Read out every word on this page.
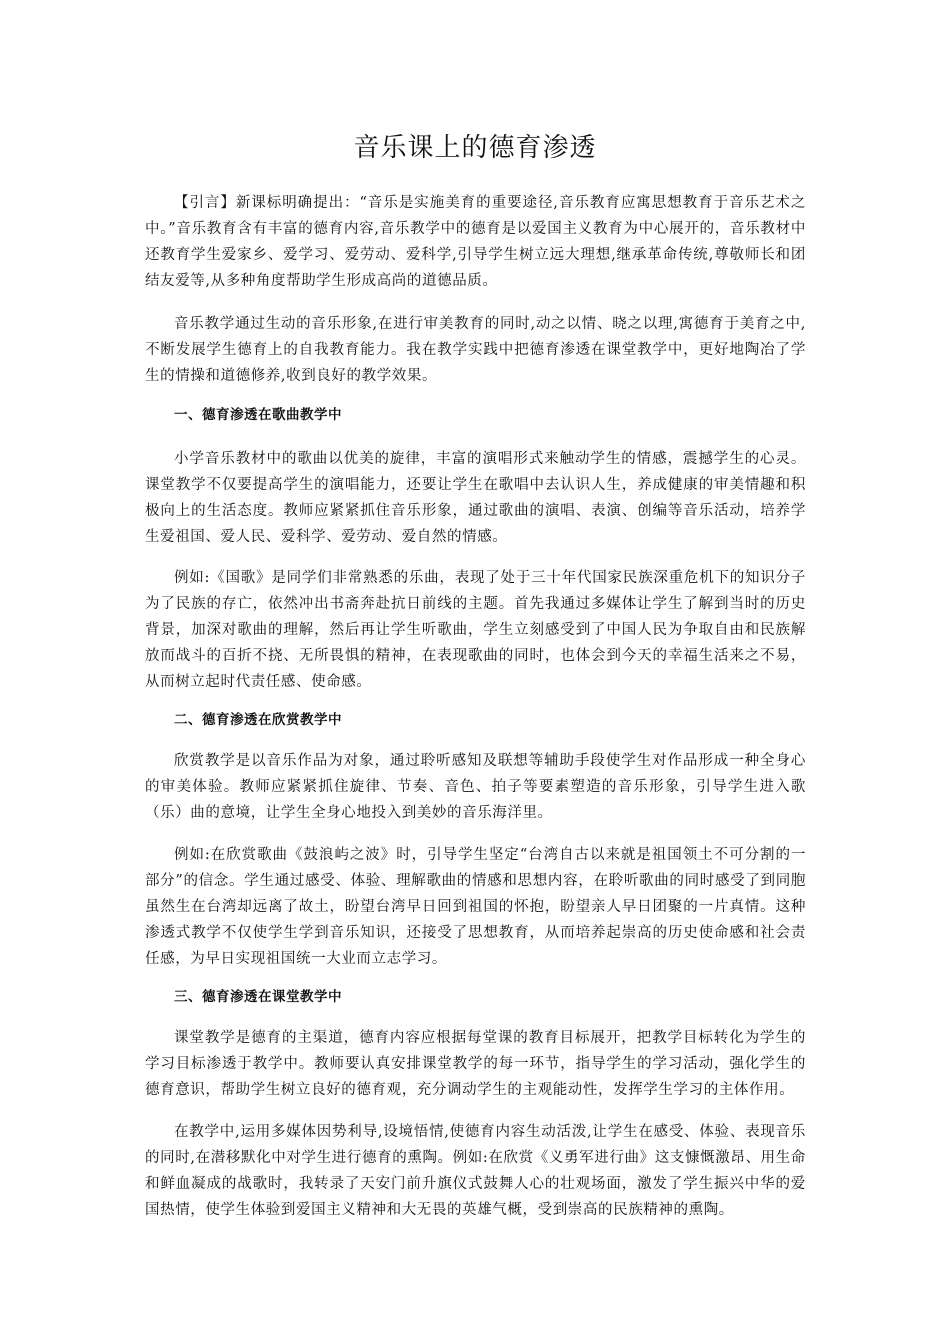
音乐课上的德育渗透

【引言】新课标明确提出：“音乐是实施美育的重要途径,音乐教育应寓思想教育于音乐艺术之中。”音乐教育含有丰富的德育内容,音乐教学中的德育是以爱国主义教育为中心展开的，音乐教材中还教育学生爱家乡、爱学习、爱劳动、爱科学,引导学生树立远大理想,继承革命传统,尊敬师长和团结友爱等,从多种角度帮助学生形成高尚的道德品质。

音乐教学通过生动的音乐形象,在进行审美教育的同时,动之以情、晓之以理,寓德育于美育之中,不断发展学生德育上的自我教育能力。我在教学实践中把德育渗透在课堂教学中，更好地陶冶了学生的情操和道德修养,收到良好的教学效果。

一、德育渗透在歌曲教学中

小学音乐教材中的歌曲以优美的旋律，丰富的演唱形式来触动学生的情感，震撼学生的心灵。课堂教学不仅要提高学生的演唱能力，还要让学生在歌唱中去认识人生，养成健康的审美情趣和积极向上的生活态度。教师应紧紧抓住音乐形象，通过歌曲的演唱、表演、创编等音乐活动，培养学生爱祖国、爱人民、爱科学、爱劳动、爱自然的情感。

例如:《国歌》是同学们非常熟悉的乐曲，表现了处于三十年代国家民族深重危机下的知识分子为了民族的存亡，依然冲出书斋奔赴抗日前线的主题。首先我通过多媒体让学生了解到当时的历史背景，加深对歌曲的理解，然后再让学生听歌曲，学生立刻感受到了中国人民为争取自由和民族解放而战斗的百折不挠、无所畏惧的精神，在表现歌曲的同时，也体会到今天的幸福生活来之不易，从而树立起时代责任感、使命感。

二、德育渗透在欣赏教学中

欣赏教学是以音乐作品为对象，通过聆听感知及联想等辅助手段使学生对作品形成一种全身心的审美体验。教师应紧紧抓住旋律、节奏、音色、拍子等要素塑造的音乐形象，引导学生进入歌（乐）曲的意境，让学生全身心地投入到美妙的音乐海洋里。

例如:在欣赏歌曲《鼓浪屿之波》时，引导学生坚定“台湾自古以来就是祖国领土不可分割的一部分”的信念。学生通过感受、体验、理解歌曲的情感和思想内容，在聆听歌曲的同时感受了到同胞虽然生在台湾却远离了故土，盼望台湾早日回到祖国的怀抱，盼望亲人早日团聚的一片真情。这种渗透式教学不仅使学生学到音乐知识，还接受了思想教育，从而培养起崇高的历史使命感和社会责任感，为早日实现祖国统一大业而立志学习。

三、德育渗透在课堂教学中

课堂教学是德育的主渠道，德育内容应根据每堂课的教育目标展开，把教学目标转化为学生的学习目标渗透于教学中。教师要认真安排课堂教学的每一环节，指导学生的学习活动，强化学生的德育意识，帮助学生树立良好的德育观，充分调动学生的主观能动性，发挥学生学习的主体作用。

在教学中,运用多媒体因势利导,设境悟情,使德育内容生动活泼,让学生在感受、体验、表现音乐的同时,在潜移默化中对学生进行德育的熏陶。例如:在欣赏《义勇军进行曲》这支慷慨激昂、用生命和鲜血凝成的战歌时，我转录了天安门前升旗仪式鼓舞人心的壮观场面，激发了学生振兴中华的爱国热情，使学生体验到爱国主义精神和大无畏的英雄气概，受到崇高的民族精神的熏陶。
